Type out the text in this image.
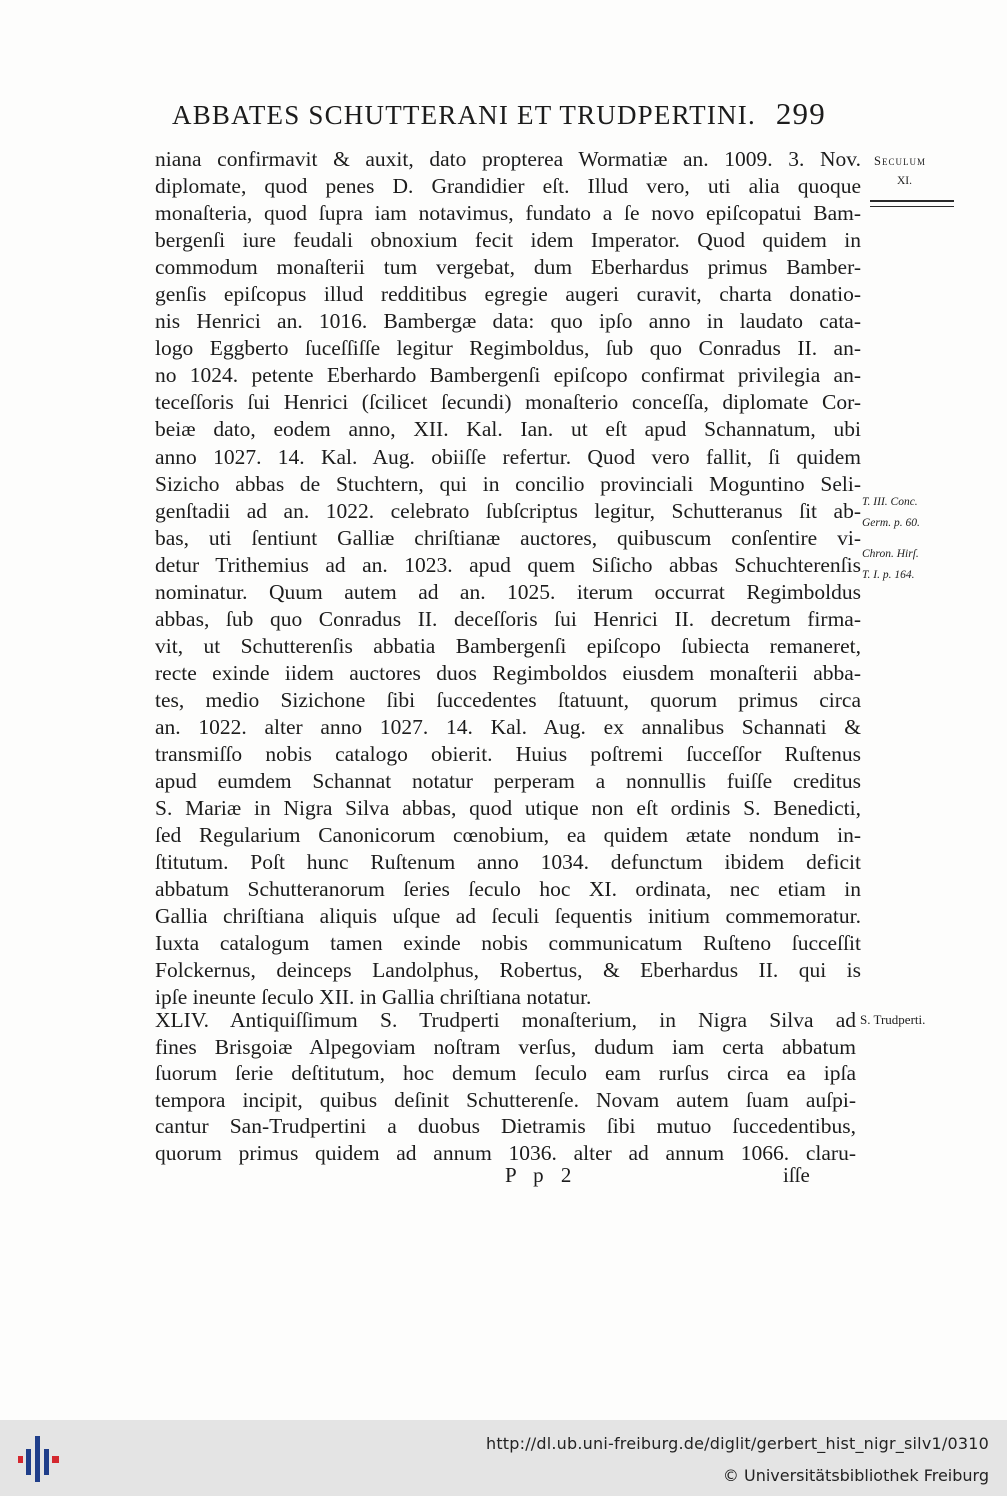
ABBATES SCHUTTERANI ET TRUDPERTINI. 299
niana confirmavit & auxit, dato propterea Wormatiæ an. 1009. 3. Nov.
diplomate, quod penes D. Grandidier eſt. Illud vero, uti alia quoque
monaſteria, quod ſupra iam notavimus, fundato a ſe novo epiſcopatui Bam-
bergenſi iure feudali obnoxium fecit idem Imperator. Quod quidem in
commodum monaſterii tum vergebat, dum Eberhardus primus Bamber-
genſis epiſcopus illud redditibus egregie augeri curavit, charta donatio-
nis Henrici an. 1016. Bambergæ data: quo ipſo anno in laudato cata-
logo Eggberto ſuceſſiſſe legitur Regimboldus, ſub quo Conradus II. an-
no 1024. petente Eberhardo Bambergenſi epiſcopo confirmat privilegia an-
teceſſoris ſui Henrici (ſcilicet ſecundi) monaſterio conceſſa, diplomate Cor-
beiæ dato, eodem anno, XII. Kal. Ian. ut eſt apud Schannatum, ubi
anno 1027. 14. Kal. Aug. obiiſſe refertur. Quod vero fallit, ſi quidem
Sizicho abbas de Stuchtern, qui in concilio provinciali Moguntino Seli-
genſtadii ad an. 1022. celebrato ſubſcriptus legitur, Schutteranus ſit ab-
bas, uti ſentiunt Galliæ chriſtianæ auctores, quibuscum conſentire vi-
detur Trithemius ad an. 1023. apud quem Siſicho abbas Schuchterenſis
nominatur. Quum autem ad an. 1025. iterum occurrat Regimboldus
abbas, ſub quo Conradus II. deceſſoris ſui Henrici II. decretum firma-
vit, ut Schutterenſis abbatia Bambergenſi epiſcopo ſubiecta remaneret,
recte exinde iidem auctores duos Regimboldos eiusdem monaſterii abba-
tes, medio Sizichone ſibi ſuccedentes ſtatuunt, quorum primus circa
an. 1022. alter anno 1027. 14. Kal. Aug. ex annalibus Schannati &
transmiſſo nobis catalogo obierit. Huius poſtremi ſucceſſor Ruſtenus
apud eumdem Schannat notatur perperam a nonnullis fuiſſe creditus
S. Mariæ in Nigra Silva abbas, quod utique non eſt ordinis S. Benedicti,
ſed Regularium Canonicorum cœnobium, ea quidem ætate nondum in-
ſtitutum. Poſt hunc Ruſtenum anno 1034. defunctum ibidem deficit
abbatum Schutteranorum ſeries ſeculo hoc XI. ordinata, nec etiam in
Gallia chriſtiana aliquis uſque ad ſeculi ſequentis initium commemoratur.
Iuxta catalogum tamen exinde nobis communicatum Ruſteno ſucceſſit
Folckernus, deinceps Landolphus, Robertus, & Eberhardus II. qui is
ipſe ineunte ſeculo XII. in Gallia chriſtiana notatur.
XLIV. Antiquiſſimum S. Trudperti monaſterium, in Nigra Silva ad
fines Brisgoiæ Alpegoviam noſtram verſus, dudum iam certa abbatum
ſuorum ſerie deſtitutum, hoc demum ſeculo eam rurſus circa ea ipſa
tempora incipit, quibus deſinit Schutterenſe. Novam autem ſuam auſpi-
cantur San-Trudpertini a duobus Dietramis ſibi mutuo ſuccedentibus,
quorum primus quidem ad annum 1036. alter ad annum 1066. claru-
Seculum
XI.
T. III. Conc.
Germ. p. 60.
Chron. Hirſ.
T. I. p. 164.
S. Trudperti.
P p 2	iſſe
http://dl.ub.uni-freiburg.de/diglit/gerbert_hist_nigr_silv1/0310
© Universitätsbibliothek Freiburg
